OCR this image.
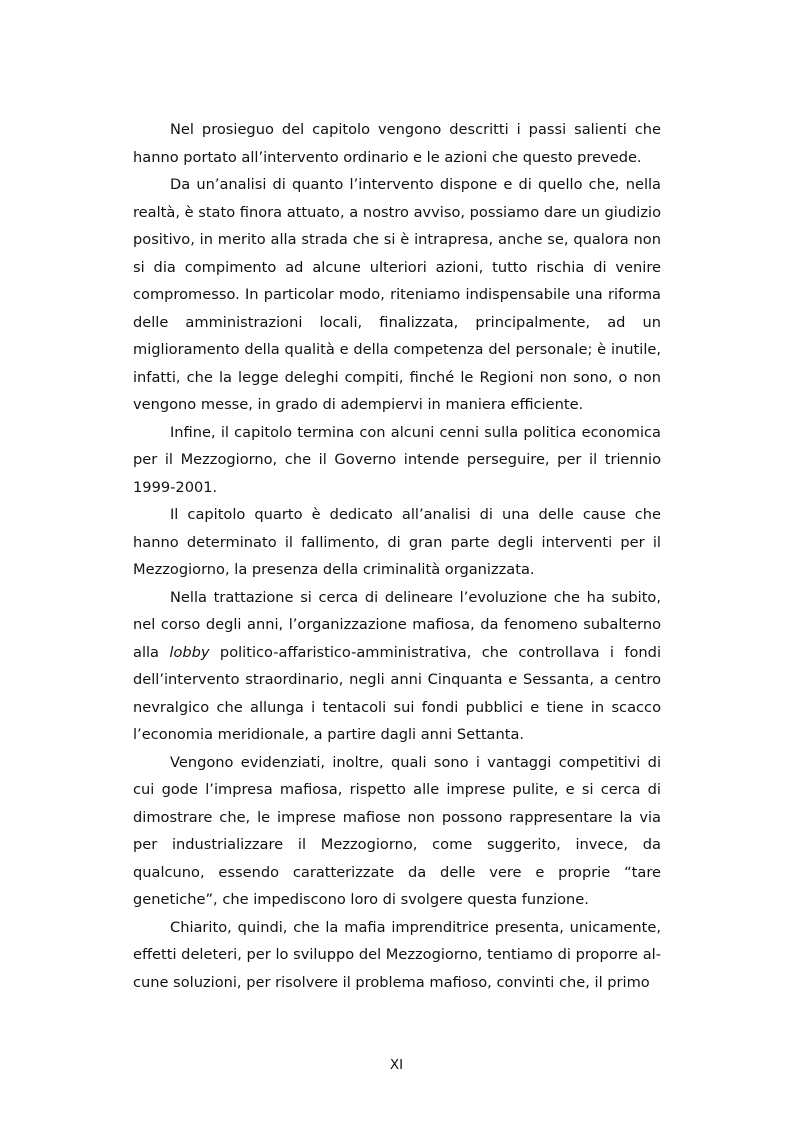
Nel prosieguo del capitolo vengono descritti i passi salienti che hanno portato all’intervento ordinario e le azioni che questo prevede.

Da un’analisi di quanto l’intervento dispone e di quello che, nella realtà, è stato finora attuato, a nostro avviso, possiamo dare un giudizio positivo, in merito alla strada che si è intrapresa, anche se, qualora non si dia compimento ad alcune ulteriori azioni, tutto rischia di venire compromesso. In particolar modo, riteniamo indispensabile una riforma delle amministrazioni locali, finalizzata, principalmente, ad un miglioramento della qualità e della competenza del personale; è inutile, infatti, che la legge deleghi compiti, finché le Regioni non sono, o non vengono messe, in grado di adempiervi in maniera efficiente.

Infine, il capitolo termina con alcuni cenni sulla politica economica per il Mezzogiorno, che il Governo intende perseguire, per il triennio 1999-2001.

Il capitolo quarto è dedicato all’analisi di una delle cause che hanno determinato il fallimento, di gran parte degli interventi per il Mezzogiorno, la presenza della criminalità organizzata.

Nella trattazione si cerca di delineare l’evoluzione che ha subito, nel corso degli anni, l’organizzazione mafiosa, da fenomeno subalterno alla lobby politico-affaristico-amministrativa, che controllava i fondi dell’intervento straordinario, negli anni Cinquanta e Sessanta, a centro nevralgico che allunga i tentacoli sui fondi pubblici e tiene in scacco l’economia meridionale, a partire dagli anni Settanta.

Vengono evidenziati, inoltre, quali sono i vantaggi competitivi di cui gode l’impresa mafiosa, rispetto alle imprese pulite, e si cerca di dimostrare che, le imprese mafiose non possono rappresentare la via per industrializzare il Mezzogiorno, come suggerito, invece, da qualcuno, essendo caratterizzate da delle vere e proprie “tare genetiche”, che impediscono loro di svolgere questa funzione.

Chiarito, quindi, che la mafia imprenditrice presenta, unicamente, effetti deleteri, per lo sviluppo del Mezzogiorno, tentiamo di proporre alcune soluzioni, per risolvere il problema mafioso, convinti che, il primo

XI
